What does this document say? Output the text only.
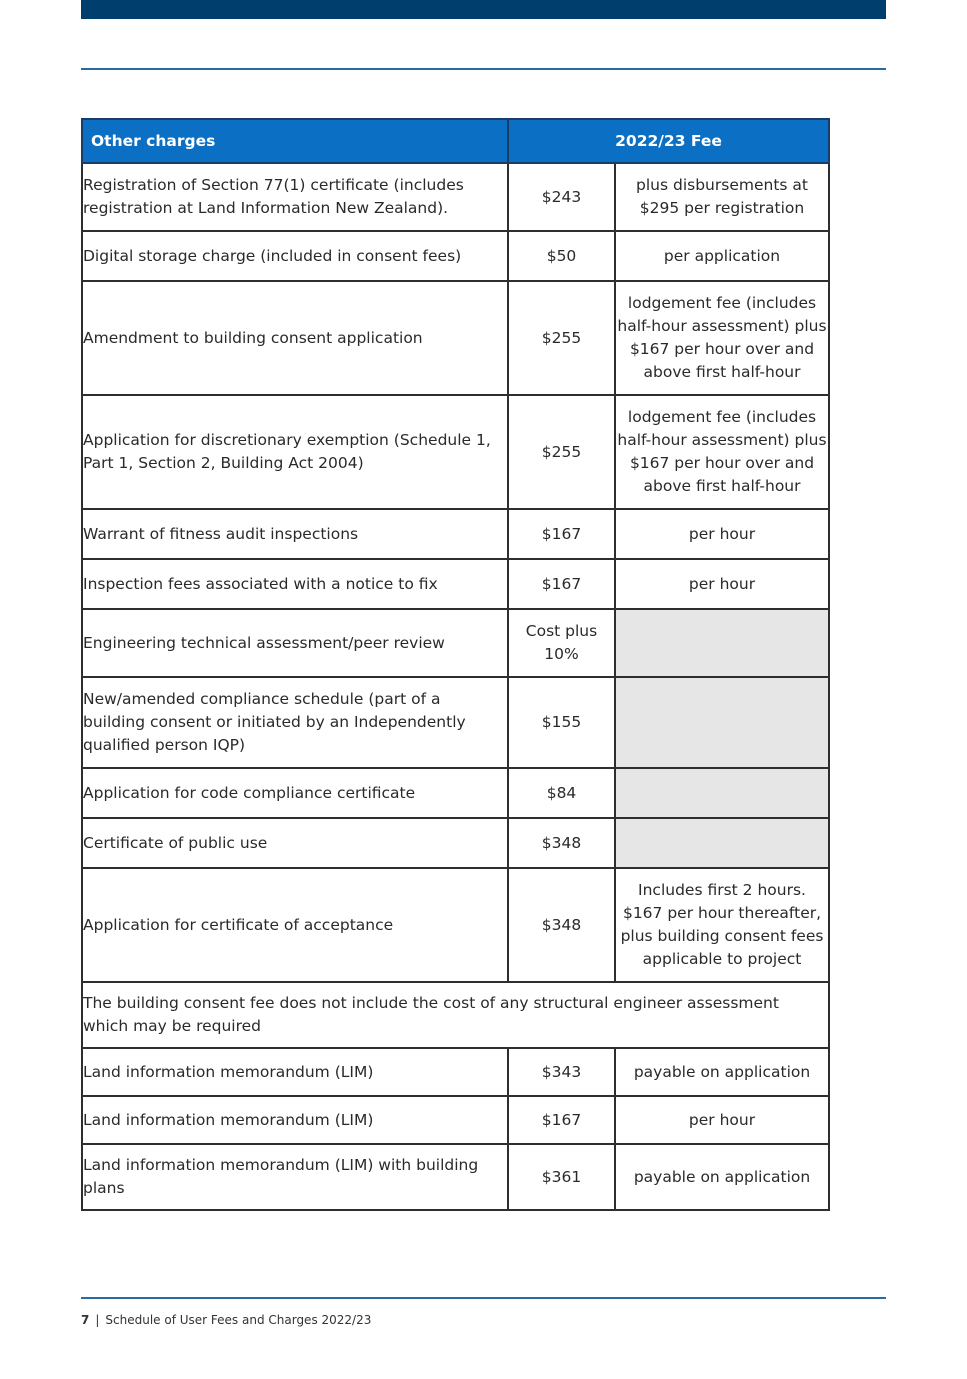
Other charges	2022/23 Fee	
Registration of Section 77(1) certificate (includes registration at Land Information New Zealand).	$243	plus disbursements at $295 per registration
Digital storage charge (included in consent fees)	$50	per application
Amendment to building consent application	$255	lodgement fee (includes half-hour assessment) plus $167 per hour over and above first half-hour
Application for discretionary exemption (Schedule 1, Part 1, Section 2, Building Act 2004)	$255	lodgement fee (includes half-hour assessment) plus $167 per hour over and above first half-hour
Warrant of fitness audit inspections	$167	per hour
Inspection fees associated with a notice to fix	$167	per hour
Engineering technical assessment/peer review	Cost plus 10%	
New/amended compliance schedule (part of a building consent or initiated by an Independently qualified person IQP)	$155	
Application for code compliance certificate	$84	
Certificate of public use	$348	
Application for certificate of acceptance	$348	Includes first 2 hours. $167 per hour thereafter, plus building consent fees applicable to project
The building consent fee does not include the cost of any structural engineer assessment which may be required		
Land information memorandum (LIM)	$343	payable on application
Land information memorandum (LIM)	$167	per hour
Land information memorandum (LIM) with building plans	$361	payable on application
7 | Schedule of User Fees and Charges 2022/23
